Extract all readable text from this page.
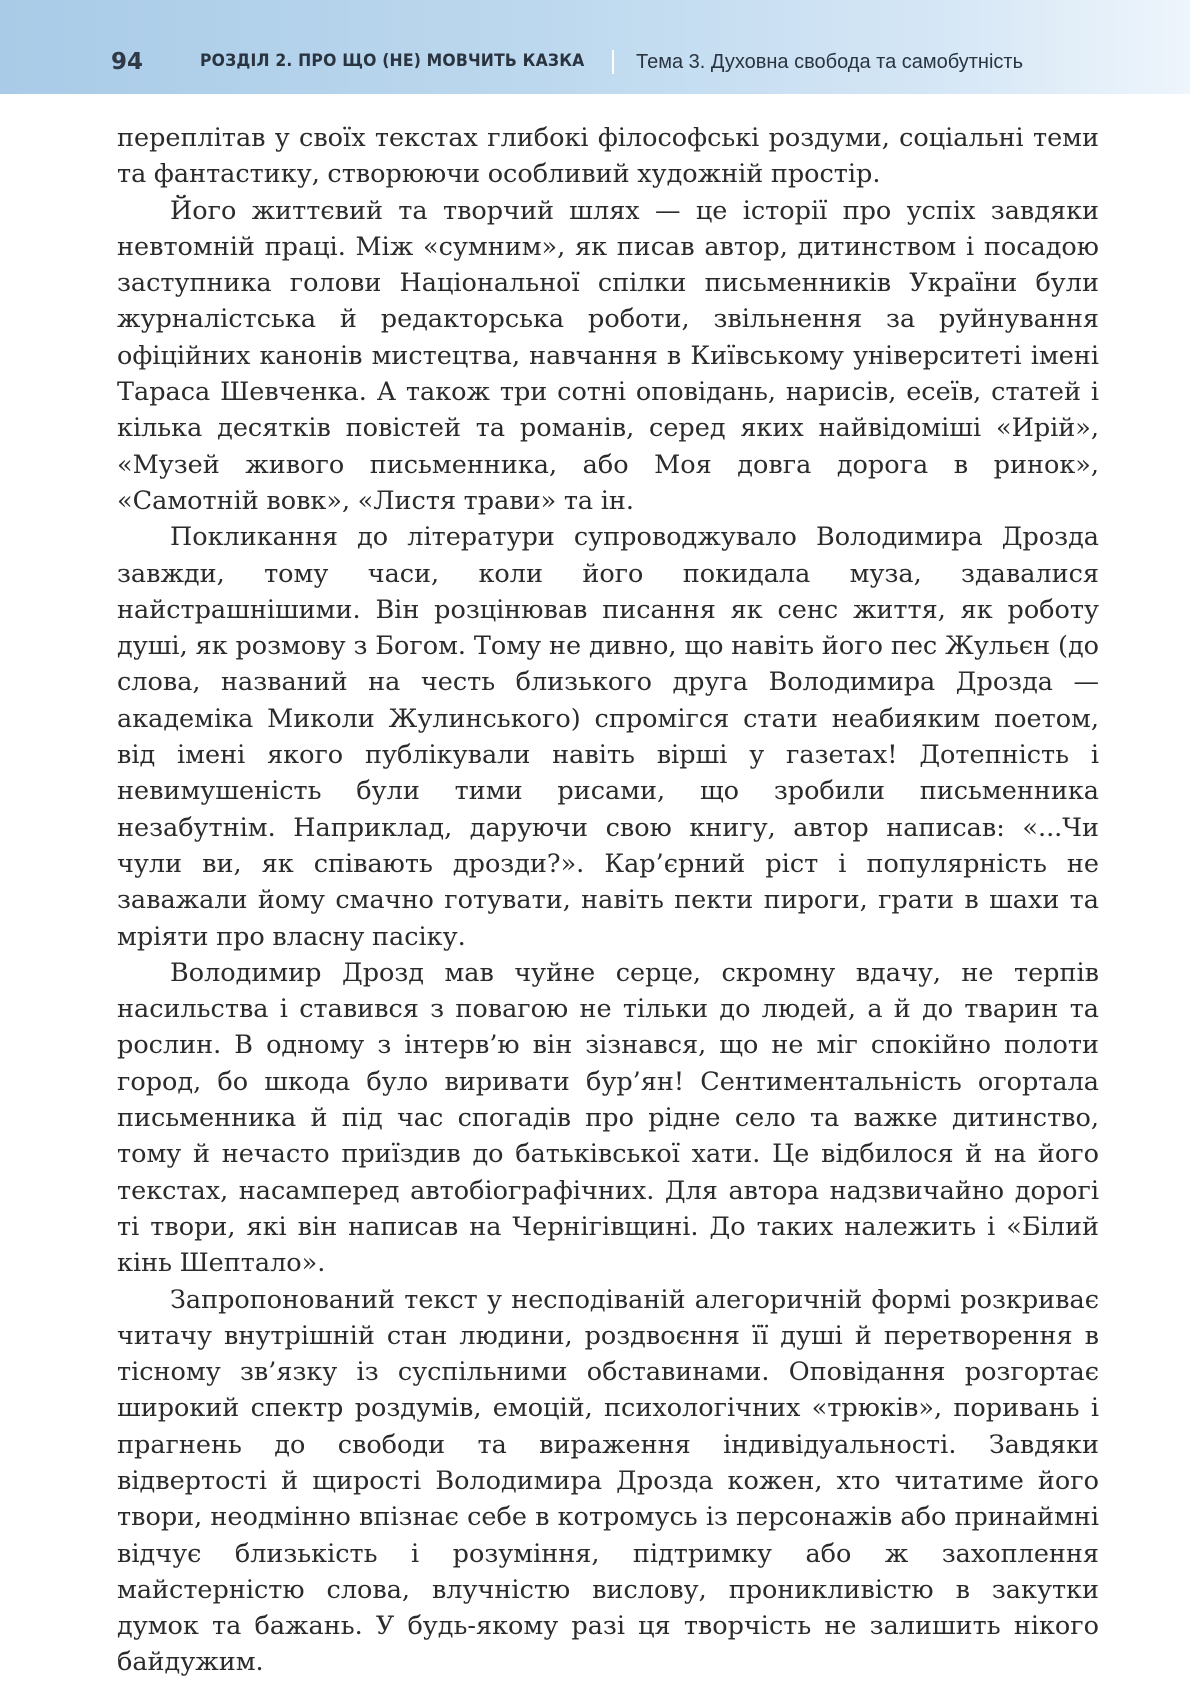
94	РОЗДІЛ 2. ПРО ЩО (НЕ) МОВЧИТЬ КАЗКА	Тема 3. Духовна свобода та самобутність

переплітав у своїх текстах глибокі філософські роздуми, соціальні теми та фантастику, створюючи особливий художній простір.

Його життєвий та творчий шлях — це історії про успіх завдяки невтомній праці. Між «сумним», як писав автор, дитинством і посадою заступника голови Національної спілки письменників України були журналістська й редакторська роботи, звільнення за руйнування офіційних канонів мистецтва, навчання в Київському університеті імені Тараса Шевченка. А також три сотні оповідань, нарисів, есеїв, статей і кілька десятків повістей та романів, серед яких найвідоміші «Ирій», «Музей живого письменника, або Моя довга дорога в ринок», «Самотній вовк», «Листя трави» та ін.

Покликання до літератури супроводжувало Володимира Дрозда завжди, тому часи, коли його покидала муза, здавалися найстрашнішими. Він розцінював писання як сенс життя, як роботу душі, як розмову з Богом. Тому не дивно, що навіть його пес Жульєн (до слова, названий на честь близького друга Володимира Дрозда — академіка Миколи Жулинського) спромігся стати неабияким поетом, від імені якого публікували навіть вірші у газетах! Дотепність і невимушеність були тими рисами, що зробили письменника незабутнім. Наприклад, даруючи свою книгу, автор написав: «...Чи чули ви, як співають дрозди?». Кар’єрний ріст і популярність не заважали йому смачно готувати, навіть пекти пироги, грати в шахи та мріяти про власну пасіку.

Володимир Дрозд мав чуйне серце, скромну вдачу, не терпів насильства і ставився з повагою не тільки до людей, а й до тварин та рослин. В одному з інтерв’ю він зізнався, що не міг спокійно полоти город, бо шкода було виривати бур’ян! Сентиментальність огортала письменника й під час спогадів про рідне село та важке дитинство, тому й нечасто приїздив до батьківської хати. Це відбилося й на його текстах, насамперед автобіографічних. Для автора надзвичайно дорогі ті твори, які він написав на Чернігівщині. До таких належить і «Білий кінь Шептало».

Запропонований текст у несподіваній алегоричній формі розкриває читачу внутрішній стан людини, роздвоєння її душі й перетворення в тісному зв’язку із суспільними обставинами. Оповідання розгортає широкий спектр роздумів, емоцій, психологічних «трюків», поривань і прагнень до свободи та вираження індивідуальності. Завдяки відвертості й щирості Володимира Дрозда кожен, хто читатиме його твори, неодмінно впізнає себе в котромусь із персонажів або принаймні відчує близькість і розуміння, підтримку або ж захоплення майстерністю слова, влучністю вислову, проникливістю в закутки думок та бажань. У будь-якому разі ця творчість не залишить нікого байдужим.
